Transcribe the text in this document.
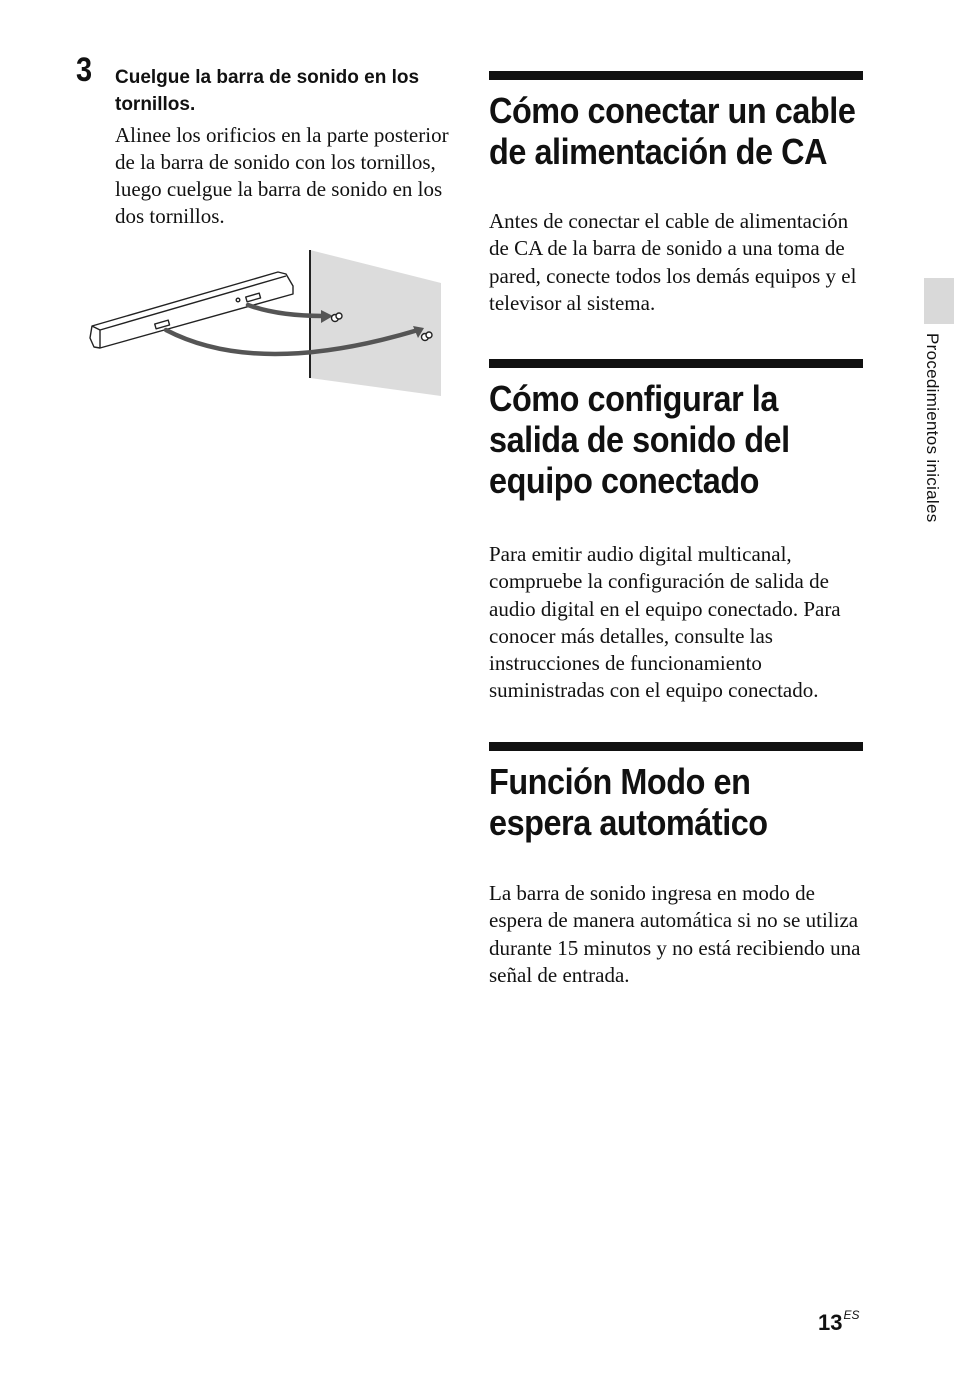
3 Cuelgue la barra de sonido en los tornillos.
Alinee los orificios en la parte posterior de la barra de sonido con los tornillos, luego cuelgue la barra de sonido en los dos tornillos.
Cómo conectar un cable de alimentación de CA

Antes de conectar el cable de alimentación de CA de la barra de sonido a una toma de pared, conecte todos los demás equipos y el televisor al sistema.

Cómo configurar la salida de sonido del equipo conectado

Para emitir audio digital multicanal, compruebe la configuración de salida de audio digital en el equipo conectado. Para conocer más detalles, consulte las instrucciones de funcionamiento suministradas con el equipo conectado.

Función Modo en espera automático

La barra de sonido ingresa en modo de espera de manera automática si no se utiliza durante 15 minutos y no está recibiendo una señal de entrada.

Procedimientos iniciales
$13^{ES}$
